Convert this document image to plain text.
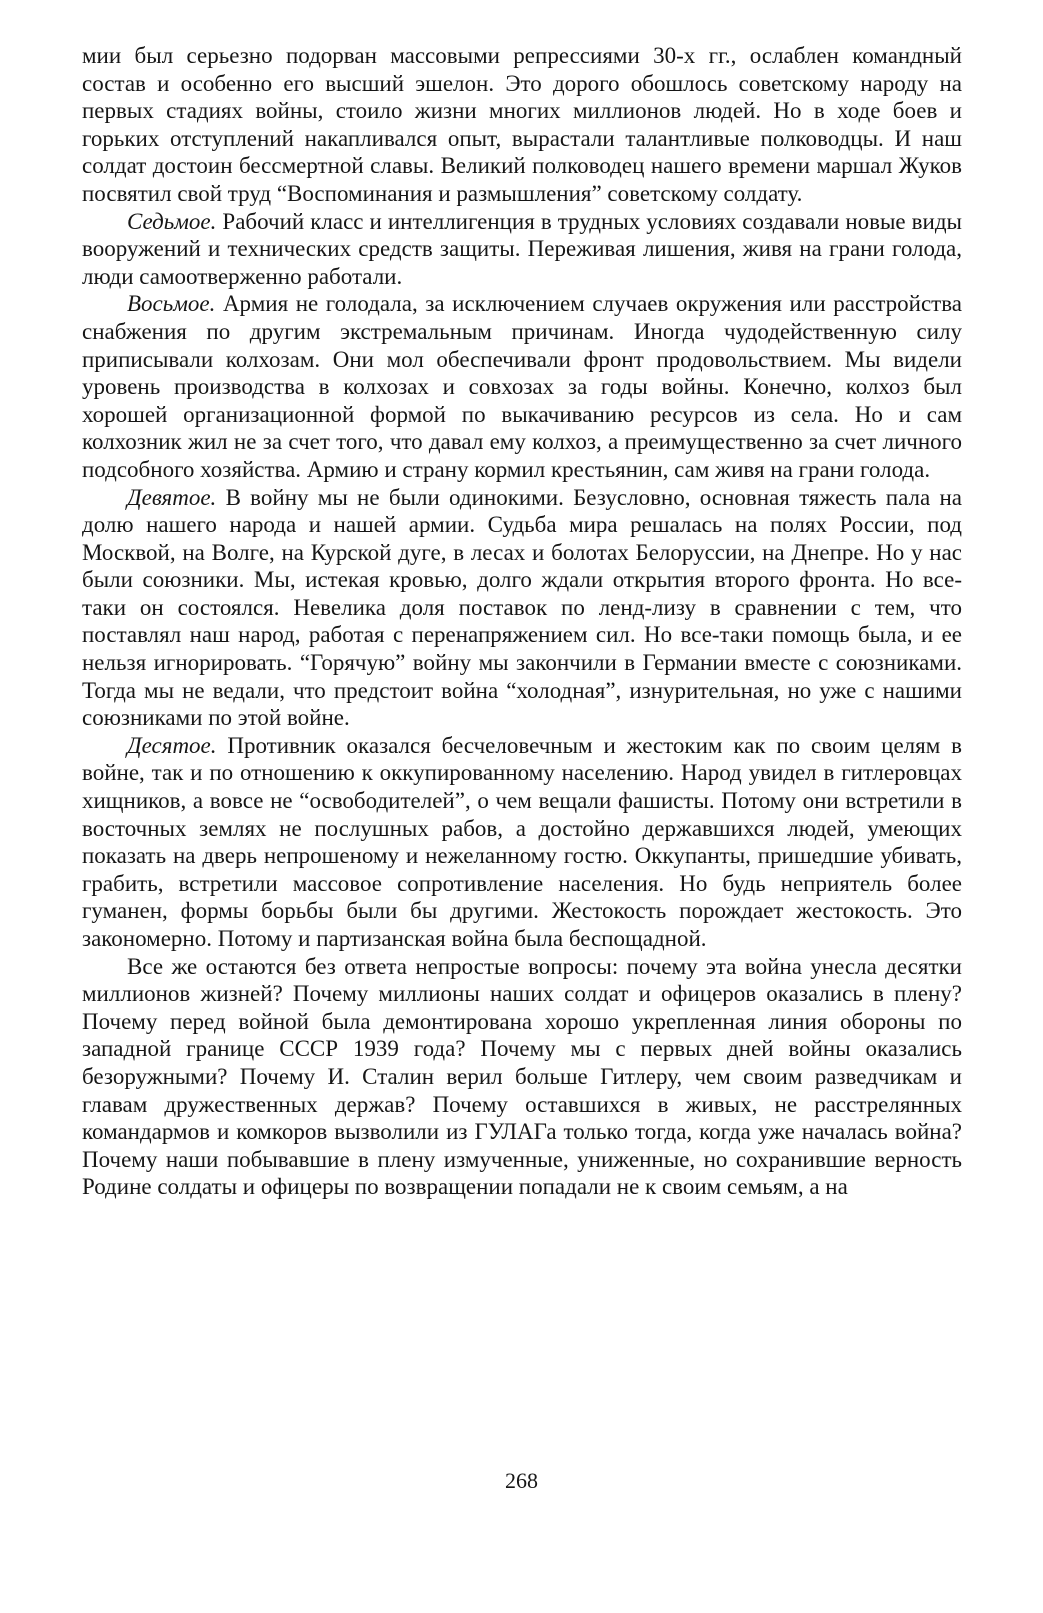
мии был серьезно подорван массовыми репрессиями 30-х гг., ослаблен командный состав и особенно его высший эшелон. Это дорого обошлось советскому народу на первых стадиях войны, стоило жизни многих миллионов людей. Но в ходе боев и горьких отступлений накапливался опыт, вырастали талантливые полководцы. И наш солдат достоин бессмертной славы. Великий полководец нашего времени маршал Жуков посвятил свой труд “Воспоминания и размышления” советскому солдату.

Седьмое. Рабочий класс и интеллигенция в трудных условиях создавали новые виды вооружений и технических средств защиты. Переживая лишения, живя на грани голода, люди самоотверженно работали.

Восьмое. Армия не голодала, за исключением случаев окружения или расстройства снабжения по другим экстремальным причинам. Иногда чудодейственную силу приписывали колхозам. Они мол обеспечивали фронт продовольствием. Мы видели уровень производства в колхозах и совхозах за годы войны. Конечно, колхоз был хорошей организационной формой по выкачиванию ресурсов из села. Но и сам колхозник жил не за счет того, что давал ему колхоз, а преимущественно за счет личного подсобного хозяйства. Армию и страну кормил крестьянин, сам живя на грани голода.

Девятое. В войну мы не были одинокими. Безусловно, основная тяжесть пала на долю нашего народа и нашей армии. Судьба мира решалась на полях России, под Москвой, на Волге, на Курской дуге, в лесах и болотах Белоруссии, на Днепре. Но у нас были союзники. Мы, истекая кровью, долго ждали открытия второго фронта. Но все-таки он состоялся. Невелика доля поставок по ленд-лизу в сравнении с тем, что поставлял наш народ, работая с перенапряжением сил. Но все-таки помощь была, и ее нельзя игнорировать. “Горячую” войну мы закончили в Германии вместе с союзниками. Тогда мы не ведали, что предстоит война “холодная”, изнурительная, но уже с нашими союзниками по этой войне.

Десятое. Противник оказался бесчеловечным и жестоким как по своим целям в войне, так и по отношению к оккупированному населению. Народ увидел в гитлеровцах хищников, а вовсе не “освободителей”, о чем вещали фашисты. Потому они встретили в восточных землях не послушных рабов, а достойно державшихся людей, умеющих показать на дверь непрошеному и нежеланному гостю. Оккупанты, пришедшие убивать, грабить, встретили массовое сопротивление населения. Но будь неприятель более гуманен, формы борьбы были бы другими. Жестокость порождает жестокость. Это закономерно. Потому и партизанская война была беспощадной.

Все же остаются без ответа непростые вопросы: почему эта война унесла десятки миллионов жизней? Почему миллионы наших солдат и офицеров оказались в плену? Почему перед войной была демонтирована хорошо укрепленная линия обороны по западной границе СССР 1939 года? Почему мы с первых дней войны оказались безоружными? Почему И. Сталин верил больше Гитлеру, чем своим разведчикам и главам дружественных держав? Почему оставшихся в живых, не расстрелянных командармов и комкоров вызволили из ГУЛАГа только тогда, когда уже началась война? Почему наши побывавшие в плену измученные, униженные, но сохранившие верность Родине солдаты и офицеры по возвращении попадали не к своим семьям, а на

268
